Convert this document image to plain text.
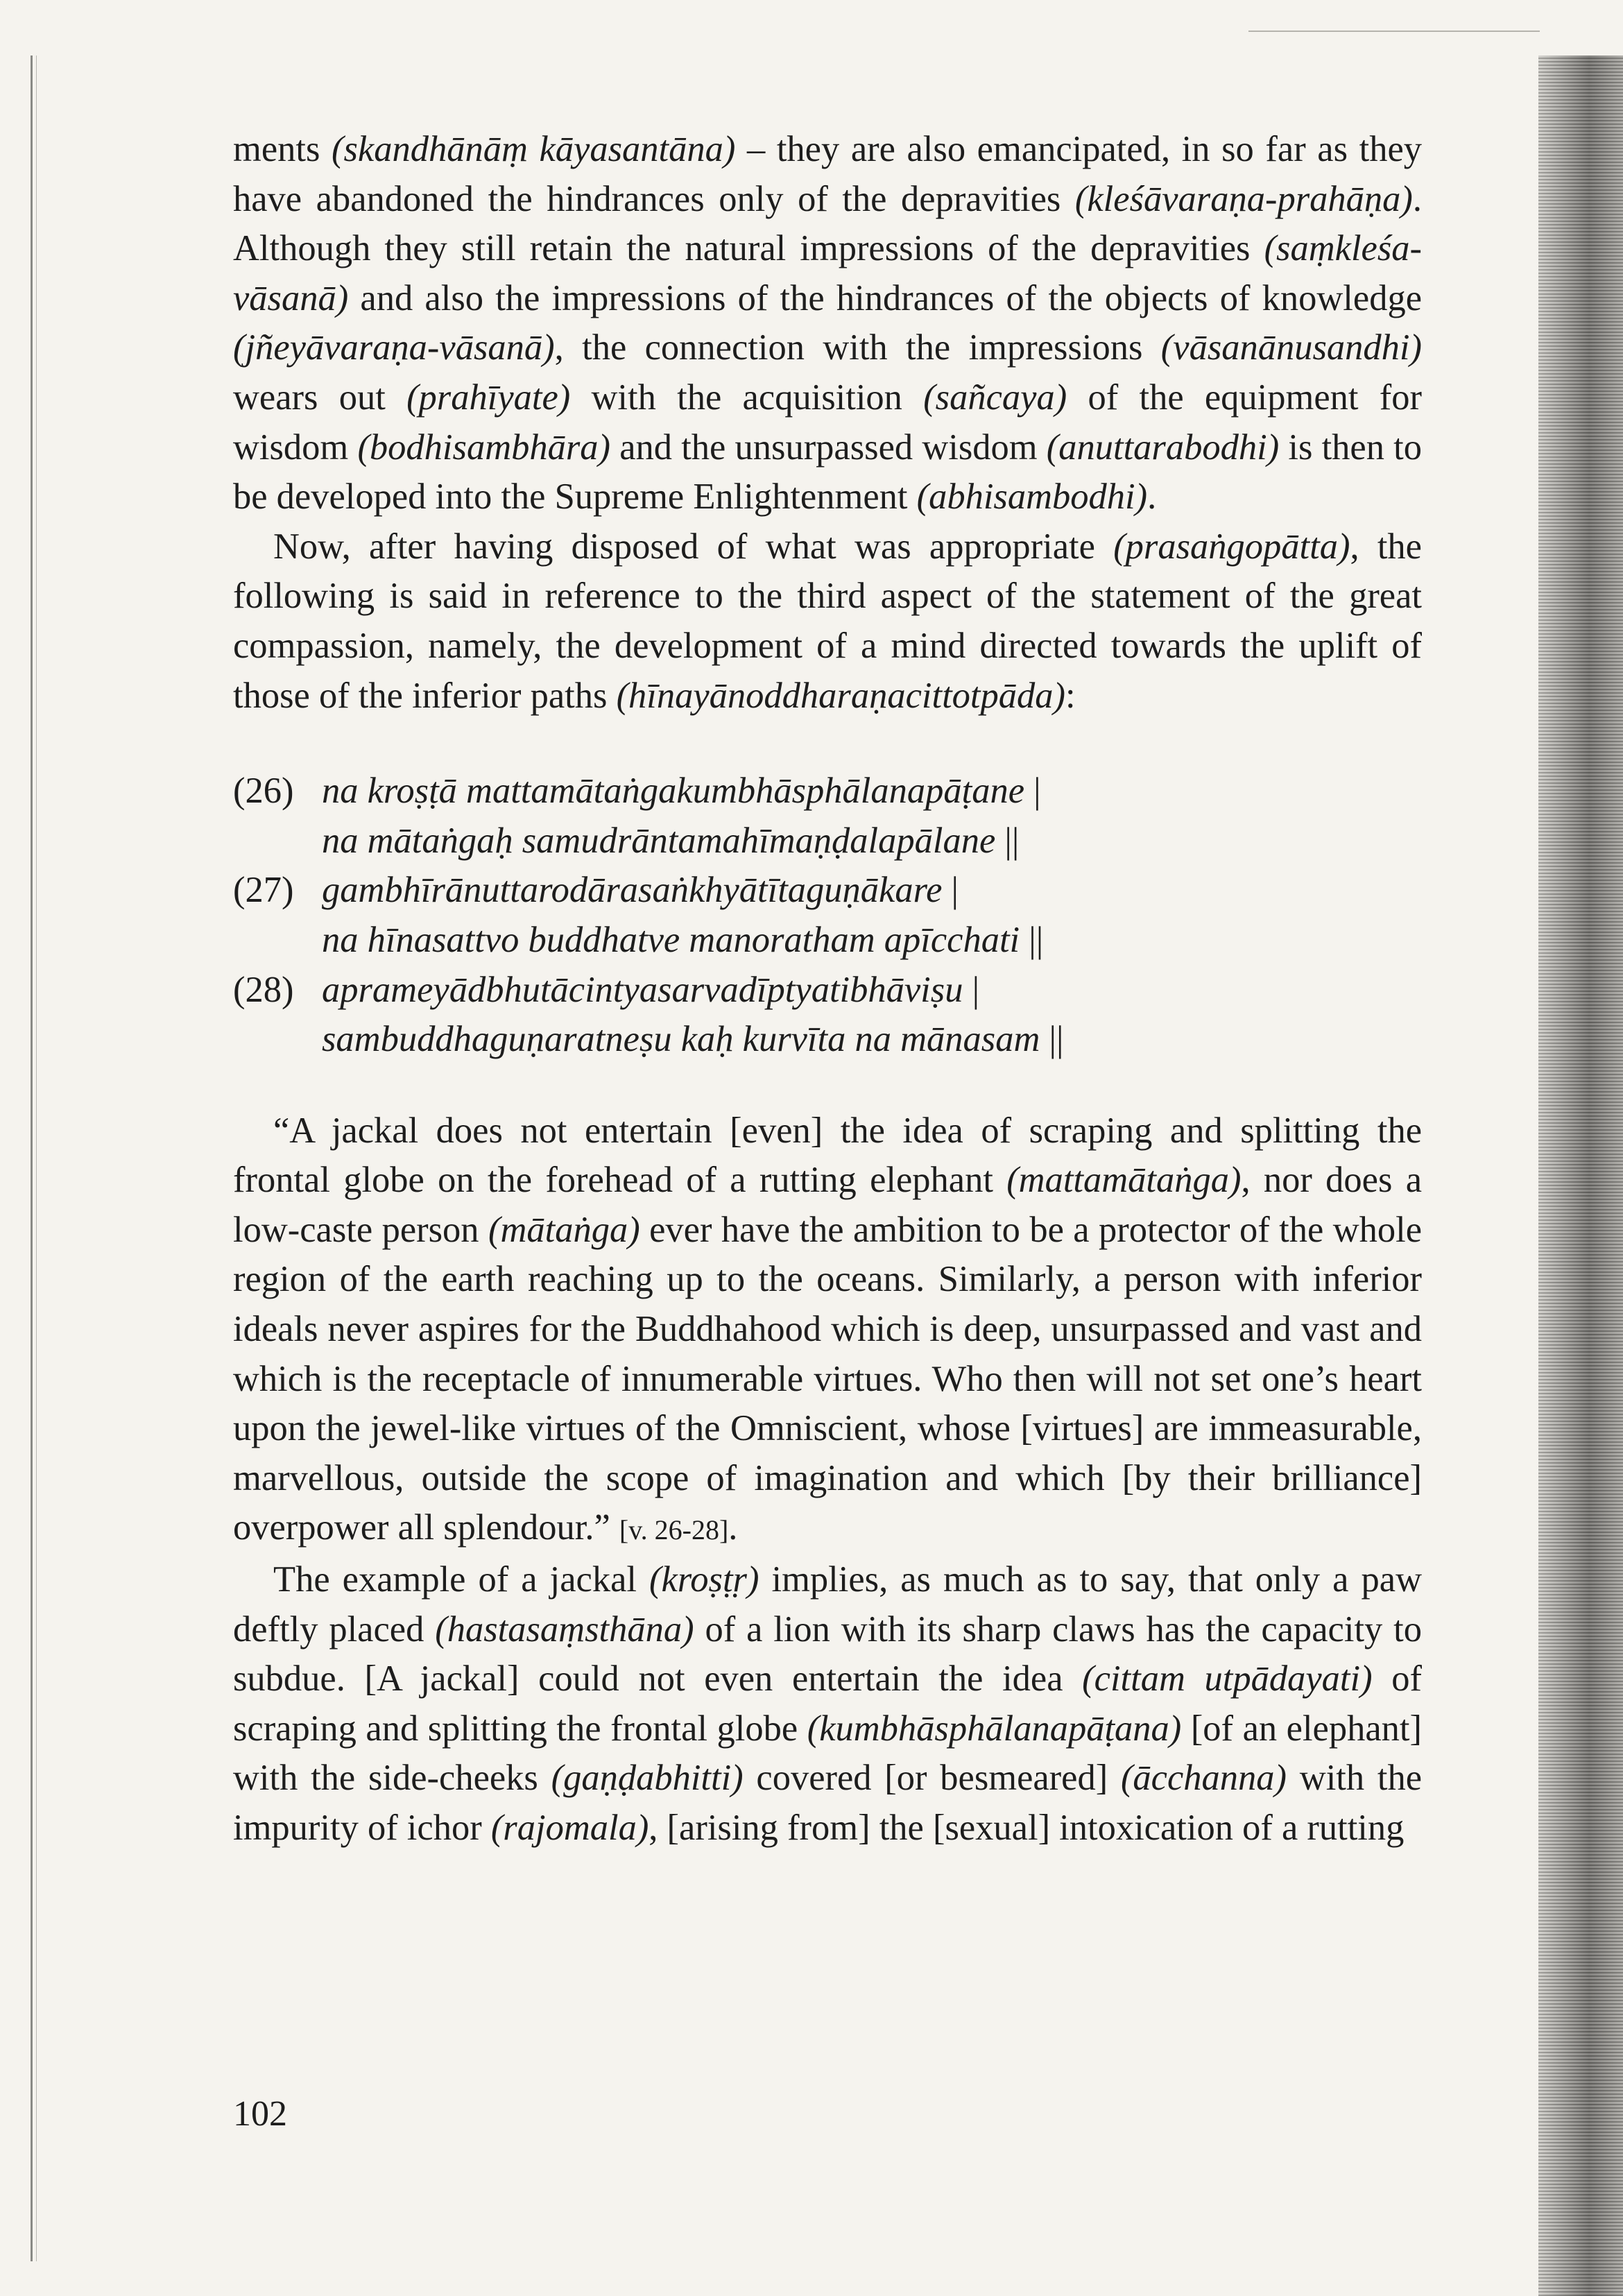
ments (skandhānāṃ kāyasantāna) – they are also emancipated, in so far as they have abandoned the hindrances only of the depravities (kleśāvaraṇa-prahāṇa). Although they still retain the natural impressions of the depravities (saṃkleśa-vāsanā) and also the impressions of the hindrances of the objects of knowledge (jñeyāvaraṇa-vāsanā), the connection with the impressions (vāsanānusandhi) wears out (prahīyate) with the acquisition (sañcaya) of the equipment for wisdom (bodhisambhāra) and the unsurpassed wisdom (anuttarabodhi) is then to be developed into the Supreme Enlightenment (abhisambodhi).

Now, after having disposed of what was appropriate (prasaṅgopātta), the following is said in reference to the third aspect of the statement of the great compassion, namely, the development of a mind directed towards the uplift of those of the inferior paths (hīnayānoddharaṇacittotpāda):

(26) na kroṣṭā mattamātaṅgakumbhāsphālanapāṭane |
na mātaṅgaḥ samudrāntamahīmaṇḍalapālane ||
(27) gambhīrānuttarodārasaṅkhyātītaguṇākare |
na hīnasattvo buddhatve manoratham apīcchati ||
(28) aprameyādbhutācintyasarvadīptyatibhāviṣu |
sambuddhaguṇaratneṣu kaḥ kurvīta na mānasam ||

“A jackal does not entertain [even] the idea of scraping and splitting the frontal globe on the forehead of a rutting elephant (mattamātaṅga), nor does a low-caste person (mātaṅga) ever have the ambition to be a protector of the whole region of the earth reaching up to the oceans. Similarly, a person with inferior ideals never aspires for the Buddhahood which is deep, unsurpassed and vast and which is the receptacle of innumerable virtues. Who then will not set one’s heart upon the jewel-like virtues of the Omniscient, whose [virtues] are immeasurable, marvellous, outside the scope of imagination and which [by their brilliance] overpower all splendour.” [v. 26-28].

The example of a jackal (kroṣṭṛ) implies, as much as to say, that only a paw deftly placed (hastasaṃsthāna) of a lion with its sharp claws has the capacity to subdue. [A jackal] could not even entertain the idea (cittam utpādayati) of scraping and splitting the frontal globe (kumbhāsphālanapāṭana) [of an elephant] with the side-cheeks (gaṇḍabhitti) covered [or besmeared] (ācchanna) with the impurity of ichor (rajomala), [arising from] the [sexual] intoxication of a rutting

102
